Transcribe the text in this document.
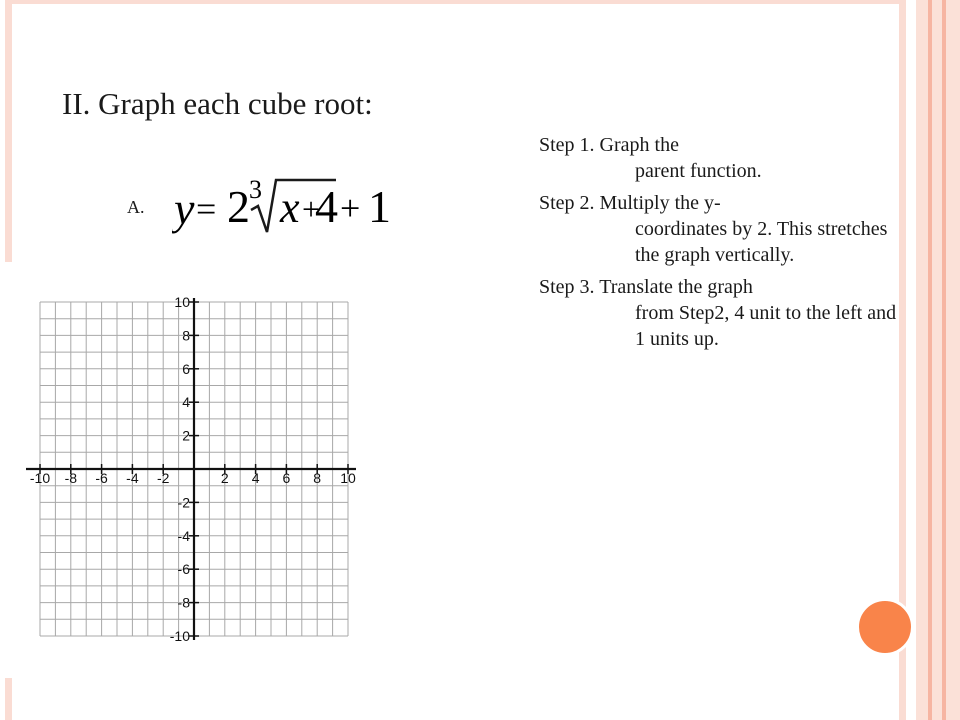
II. Graph each cube root:
A. y = 2 3 x +
4 + 1
Step 1. Graph the
parent function.
Step 2. Multiply the y-
coordinates by 2. This stretches the graph vertically.
Step 3. Translate the graph
from Step2, 4 unit to the left and 1 units up.
-10 -8 -6 -4 -2	2 4 6 8 10
10
8
6
4
2
-2
-4
-6
-8
-10
